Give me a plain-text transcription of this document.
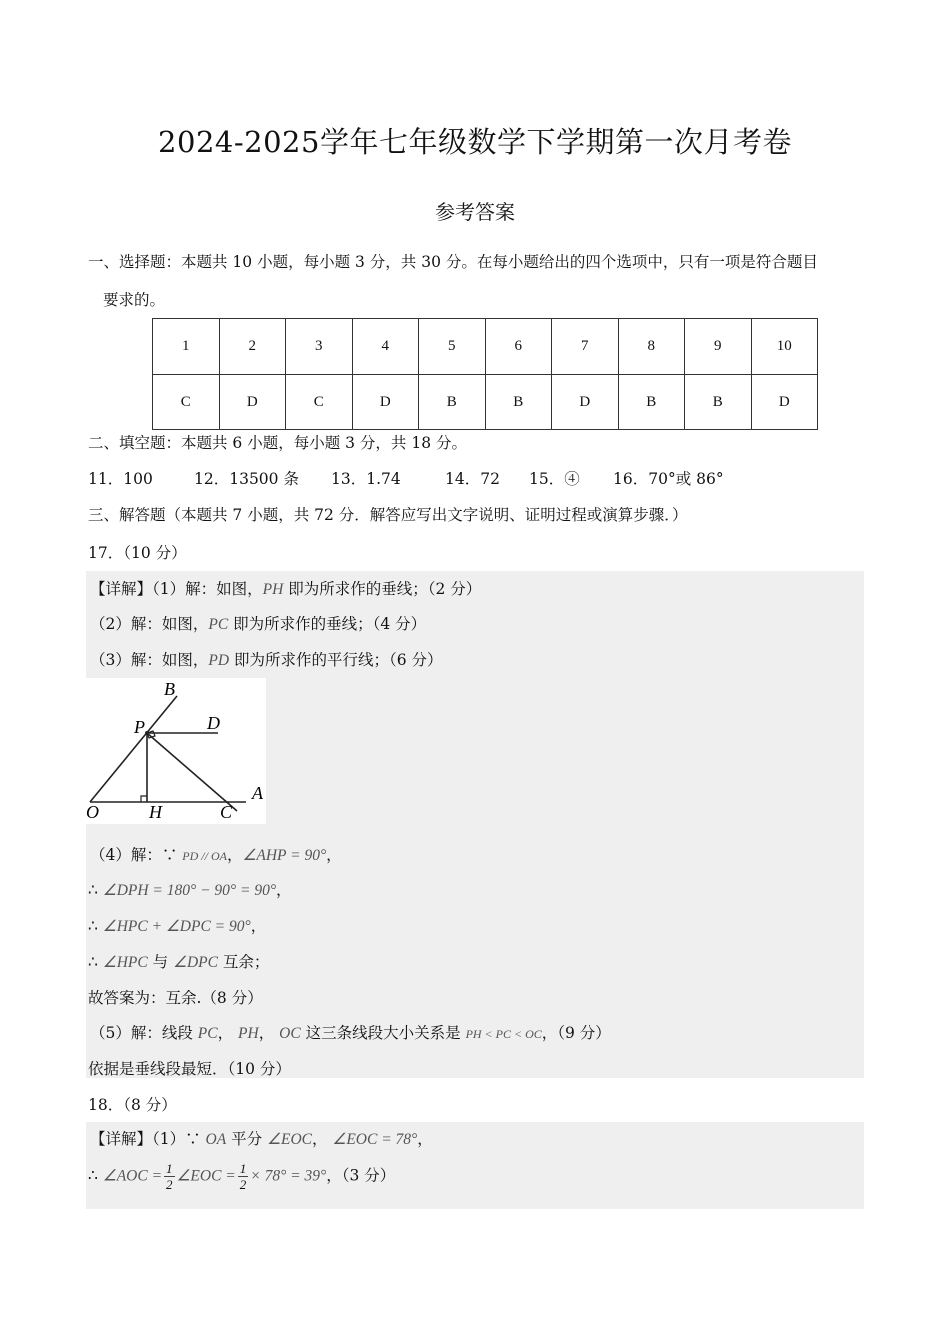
2024-2025学年七年级数学下学期第一次月考卷
参考答案
一、选择题：本题共 10 小题，每小题 3 分，共 30 分。在每小题给出的四个选项中，只有一项是符合题目
要求的。
1	2	3	4	5	6	7	8	9	10
C	D	C	D	B	B	D	B	B	D
二、填空题：本题共 6 小题，每小题 3 分，共 18 分。
11．100	12．13500 条 13．1.74	14．72 15．④ 16．70°或 86°
三、解答题（本题共 7 小题，共 72 分．解答应写出文字说明、证明过程或演算步骤．）
17．（10 分）
【详解】（1）解：如图，PH 即为所求作的垂线；（2 分）
（2）解：如图，PC 即为所求作的垂线；（4 分）
（3）解：如图，PD 即为所求作的平行线；（6 分）
B
P	D
A
O	H	C
（4）解：∵ PD // OA，∠AHP = 90°，
∴ ∠DPH = 180° − 90° = 90°，
∴ ∠HPC + ∠DPC = 90°，
∴ ∠HPC 与 ∠DPC 互余；
故答案为：互余.（8 分）
（5）解：线段 PC， PH， OC 这三条线段大小关系是 PH < PC < OC，（9 分）
依据是垂线段最短．（10 分）
18．（8 分）
【详解】（1）∵ OA 平分 ∠EOC， ∠EOC = 78°，
∴ ∠AOC = $\frac{1}{2}$ ∠EOC = $\frac{1}{2} \times 78^\circ = 39^\circ$，（3 分）
